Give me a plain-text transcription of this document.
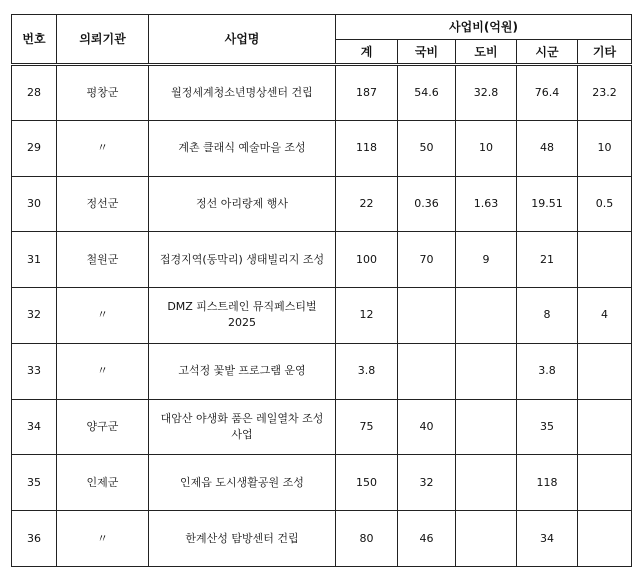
번호	의뢰기관	사업명	사업비(억원)				
			계	국비	도비	시군	기타
28	평창군	월정세계청소년명상센터 건립	187	54.6	32.8	76.4	23.2
29	〃	계촌 클래식 예술마을 조성	118	50	10	48	10
30	정선군	정선 아리랑제 행사	22	0.36	1.63	19.51	0.5
31	철원군	접경지역(동막리) 생태빌리지 조성	100	70	9	21	
32	〃	DMZ 피스트레인 뮤직페스티벌 2025	12			8	4
33	〃	고석정 꽃밭 프로그램 운영	3.8			3.8	
34	양구군	대암산 야생화 품은 레일열차 조성사업	75	40		35	
35	인제군	인제읍 도시생활공원 조성	150	32		118	
36	〃	한계산성 탐방센터 건립	80	46		34	
